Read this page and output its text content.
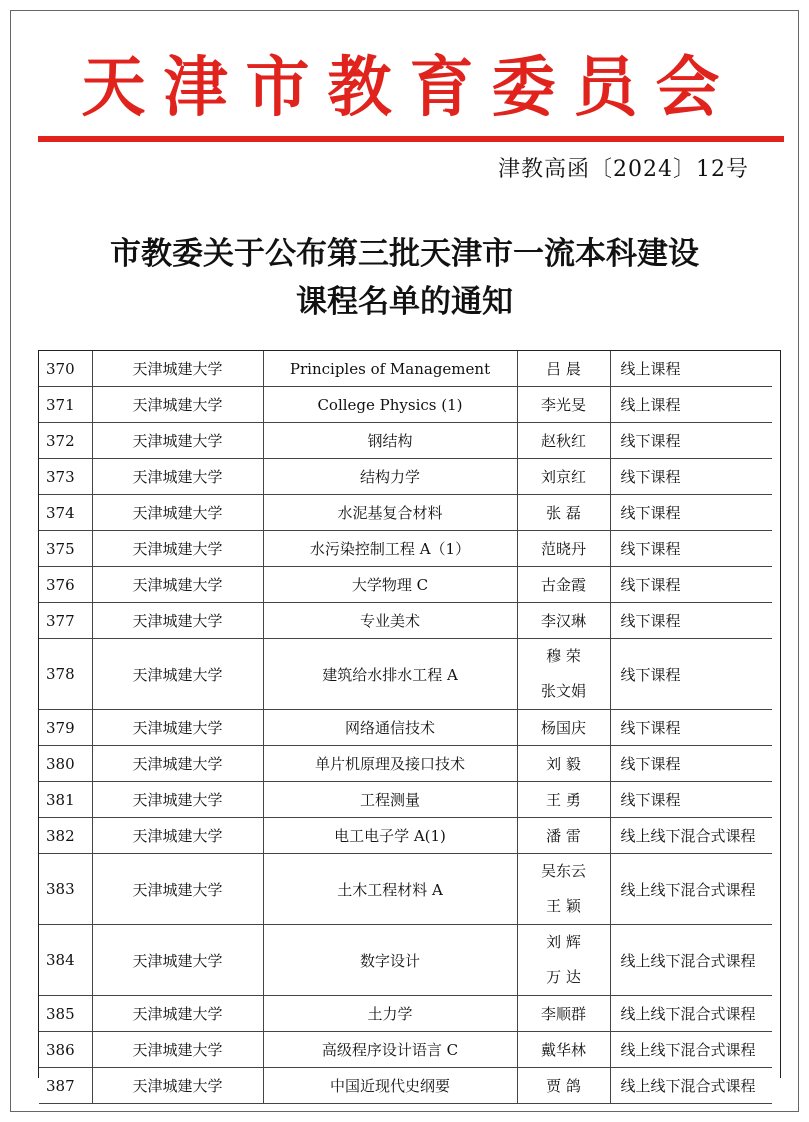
天津市教育委员会
津教高函〔2024〕12号
市教委关于公布第三批天津市一流本科建设
课程名单的通知
370	天津城建大学	Principles of Management	吕 晨	线上课程
371	天津城建大学	College Physics (1)	李光旻	线上课程
372	天津城建大学	钢结构	赵秋红	线下课程
373	天津城建大学	结构力学	刘京红	线下课程
374	天津城建大学	水泥基复合材料	张 磊	线下课程
375	天津城建大学	水污染控制工程 A（1）	范晓丹	线下课程
376	天津城建大学	大学物理 C	古金霞	线下课程
377	天津城建大学	专业美术	李汉琳	线下课程
378	天津城建大学	建筑给水排水工程 A	穆 荣
张文娟	线下课程
379	天津城建大学	网络通信技术	杨国庆	线下课程
380	天津城建大学	单片机原理及接口技术	刘 毅	线下课程
381	天津城建大学	工程测量	王 勇	线下课程
382	天津城建大学	电工电子学 A(1)	潘 雷	线上线下混合式课程
383	天津城建大学	土木工程材料 A	吴东云
王 颖	线上线下混合式课程
384	天津城建大学	数字设计	刘 辉
万 达	线上线下混合式课程
385	天津城建大学	土力学	李顺群	线上线下混合式课程
386	天津城建大学	高级程序设计语言 C	戴华林	线上线下混合式课程
387	天津城建大学	中国近现代史纲要	贾 鸽	线上线下混合式课程
